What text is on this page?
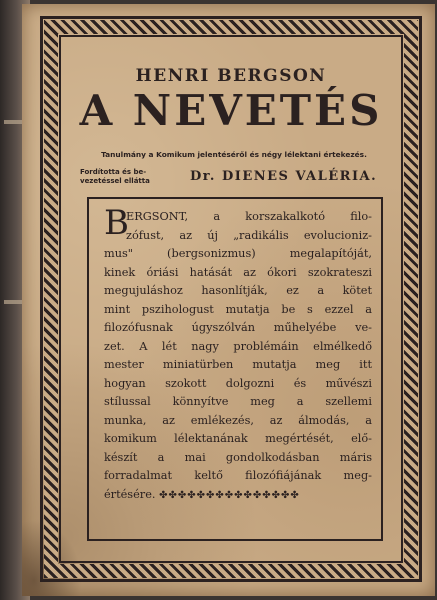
HENRI BERGSON
A NEVETÉS
Tanulmány a Komikum jelentéséről és négy lélektani értekezés.
Fordította és be-
vezetéssel ellátta	Dr. DIENES VALÉRIA.
B
ERGSONT, a korszakalkotó filo-
zófust, az új „radikális evolucioniz-
mus" (bergsonizmus) megalapítóját,
kinek óriási hatását az ókori szokrateszi
megujuláshoz hasonlítják, ez a kötet
mint pszihologust mutatja be s ezzel a
filozófusnak úgyszólván műhelyébe ve-
zet. A lét nagy problémáin elmélkedő
mester miniatürben mutatja meg itt
hogyan szokott dolgozni és művészi
stílussal könnyítve meg a szellemi
munka, az emlékezés, az álmodás, a
komikum lélektanának megértését, elő-
készít a mai gondolkodásban máris
forradalmat keltő filozófiájának meg-
értésére. ✤✤✤✤✤✤✤✤✤✤✤✤✤✤✤
